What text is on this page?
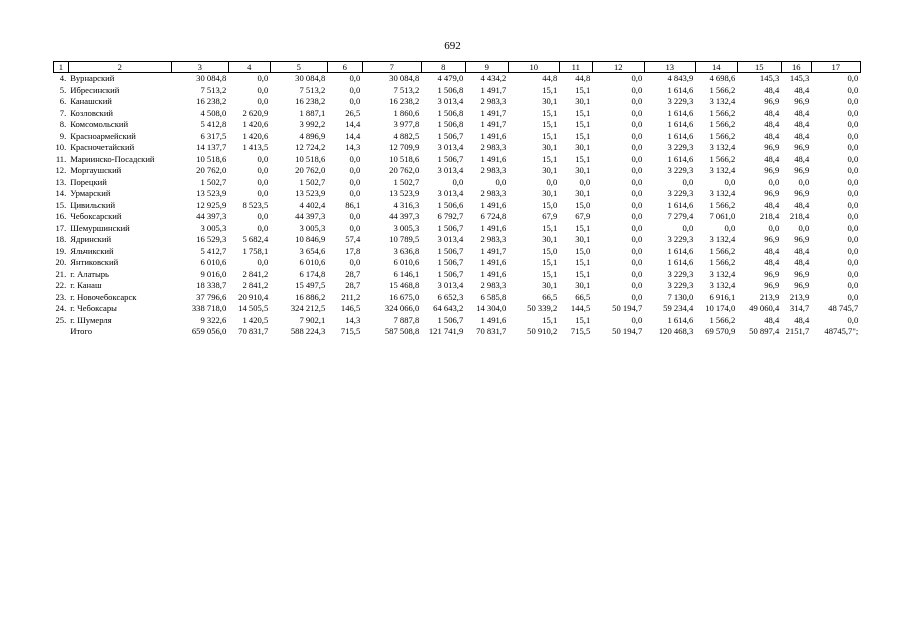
692
1	2	3	4	5	6	7	8	9	10	11	12	13	14	15	16	17
4.	Вурнарский	30 084,8	0,0	30 084,8	0,0	30 084,8	4 479,0	4 434,2	44,8	44,8	0,0	4 843,9	4 698,6	145,3	145,3	0,0
5.	Ибресинский	7 513,2	0,0	7 513,2	0,0	7 513,2	1 506,8	1 491,7	15,1	15,1	0,0	1 614,6	1 566,2	48,4	48,4	0,0
6.	Канашский	16 238,2	0,0	16 238,2	0,0	16 238,2	3 013,4	2 983,3	30,1	30,1	0,0	3 229,3	3 132,4	96,9	96,9	0,0
7.	Козловский	4 508,0	2 620,9	1 887,1	26,5	1 860,6	1 506,8	1 491,7	15,1	15,1	0,0	1 614,6	1 566,2	48,4	48,4	0,0
8.	Комсомольский	5 412,8	1 420,6	3 992,2	14,4	3 977,8	1 506,8	1 491,7	15,1	15,1	0,0	1 614,6	1 566,2	48,4	48,4	0,0
9.	Красноармейский	6 317,5	1 420,6	4 896,9	14,4	4 882,5	1 506,7	1 491,6	15,1	15,1	0,0	1 614,6	1 566,2	48,4	48,4	0,0
10.	Красночетайский	14 137,7	1 413,5	12 724,2	14,3	12 709,9	3 013,4	2 983,3	30,1	30,1	0,0	3 229,3	3 132,4	96,9	96,9	0,0
11.	Мариинско-Посадский	10 518,6	0,0	10 518,6	0,0	10 518,6	1 506,7	1 491,6	15,1	15,1	0,0	1 614,6	1 566,2	48,4	48,4	0,0
12.	Моргаушский	20 762,0	0,0	20 762,0	0,0	20 762,0	3 013,4	2 983,3	30,1	30,1	0,0	3 229,3	3 132,4	96,9	96,9	0,0
13.	Порецкий	1 502,7	0,0	1 502,7	0,0	1 502,7	0,0	0,0	0,0	0,0	0,0	0,0	0,0	0,0	0,0	0,0
14.	Урмарский	13 523,9	0,0	13 523,9	0,0	13 523,9	3 013,4	2 983,3	30,1	30,1	0,0	3 229,3	3 132,4	96,9	96,9	0,0
15.	Цивильский	12 925,9	8 523,5	4 402,4	86,1	4 316,3	1 506,6	1 491,6	15,0	15,0	0,0	1 614,6	1 566,2	48,4	48,4	0,0
16.	Чебоксарский	44 397,3	0,0	44 397,3	0,0	44 397,3	6 792,7	6 724,8	67,9	67,9	0,0	7 279,4	7 061,0	218,4	218,4	0,0
17.	Шемуршинский	3 005,3	0,0	3 005,3	0,0	3 005,3	1 506,7	1 491,6	15,1	15,1	0,0	0,0	0,0	0,0	0,0	0,0
18.	Ядринский	16 529,3	5 682,4	10 846,9	57,4	10 789,5	3 013,4	2 983,3	30,1	30,1	0,0	3 229,3	3 132,4	96,9	96,9	0,0
19.	Яльчикский	5 412,7	1 758,1	3 654,6	17,8	3 636,8	1 506,7	1 491,7	15,0	15,0	0,0	1 614,6	1 566,2	48,4	48,4	0,0
20.	Янтиковский	6 010,6	0,0	6 010,6	0,0	6 010,6	1 506,7	1 491,6	15,1	15,1	0,0	1 614,6	1 566,2	48,4	48,4	0,0
21.	г. Алатырь	9 016,0	2 841,2	6 174,8	28,7	6 146,1	1 506,7	1 491,6	15,1	15,1	0,0	3 229,3	3 132,4	96,9	96,9	0,0
22.	г. Канаш	18 338,7	2 841,2	15 497,5	28,7	15 468,8	3 013,4	2 983,3	30,1	30,1	0,0	3 229,3	3 132,4	96,9	96,9	0,0
23.	г. Новочебоксарск	37 796,6	20 910,4	16 886,2	211,2	16 675,0	6 652,3	6 585,8	66,5	66,5	0,0	7 130,0	6 916,1	213,9	213,9	0,0
24.	г. Чебоксары	338 718,0	14 505,5	324 212,5	146,5	324 066,0	64 643,2	14 304,0	50 339,2	144,5	50 194,7	59 234,4	10 174,0	49 060,4	314,7	48 745,7
25.	г. Шумерля	9 322,6	1 420,5	7 902,1	14,3	7 887,8	1 506,7	1 491,6	15,1	15,1	0,0	1 614,6	1 566,2	48,4	48,4	0,0
	Итого	659 056,0	70 831,7	588 224,3	715,5	587 508,8	121 741,9	70 831,7	50 910,2	715,5	50 194,7	120 468,3	69 570,9	50 897,4	2151,7	48745,7";
